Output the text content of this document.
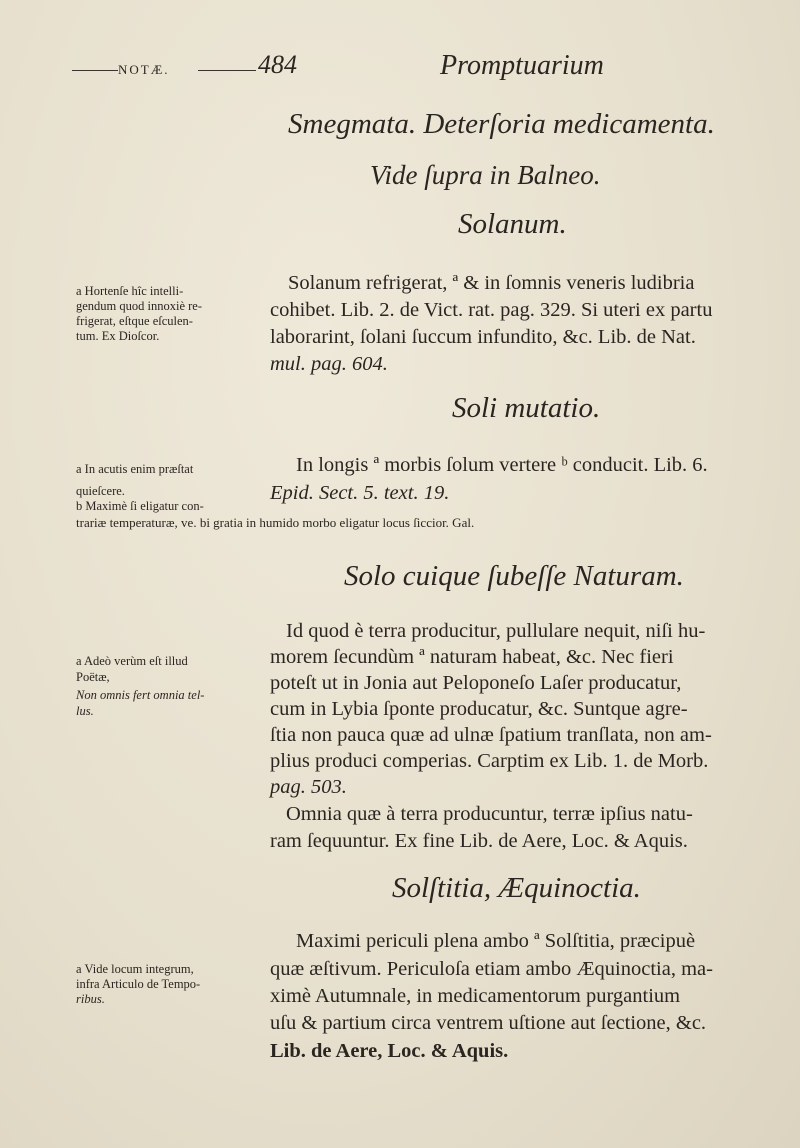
NOTÆ.	484	Promptuarium
Smegmata. Deterſoria medicamenta.
Vide ſupra in Balneo.
Solanum.
a Hortenſe hîc intelli-
gendum quod innoxiè re-
frigerat, eſtque eſculen-
tum. Ex Dioſcor.
Solanum refrigerat, ª & in ſomnis veneris ludibria
cohibet. Lib. 2. de Vict. rat. pag. 329. Si uteri ex partu
laborarint, ſolani ſuccum infundito, &c. Lib. de Nat.
mul. pag. 604.
Soli mutatio.
a In acutis enim præſtat
quieſcere.
b Maximè ſi eligatur con-
In longis ª morbis ſolum vertere ᵇ conducit. Lib. 6.
Epid. Sect. 5. text. 19.
trariæ temperaturæ, ve. bi gratia in humido morbo eligatur locus ſiccior. Gal.
Solo cuique ſubeſſe Naturam.
a Adeò verùm eſt illud
Poëtæ,
Non omnis fert omnia tel-
lus.
Id quod è terra producitur, pullulare nequit, niſi hu-
morem ſecundùm ª naturam habeat, &c. Nec fieri
poteſt ut in Jonia aut Peloponeſo Laſer producatur,
cum in Lybia ſponte producatur, &c. Suntque agre-
ſtia non pauca quæ ad ulnæ ſpatium tranſlata, non am-
plius produci comperias. Carptim ex Lib. 1. de Morb.
pag. 503.
Omnia quæ à terra producuntur, terræ ipſius natu-
ram ſequuntur. Ex fine Lib. de Aere, Loc. & Aquis.
Solſtitia, Æquinoctia.
a Vide locum integrum,
infra Articulo de Tempo-
ribus.
Maximi periculi plena ambo ª Solſtitia, præcipuè
quæ æſtivum. Periculoſa etiam ambo Æquinoctia, ma-
ximè Autumnale, in medicamentorum purgantium
uſu & partium circa ventrem uſtione aut ſectione, &c.
Lib. de Aere, Loc. & Aquis.
